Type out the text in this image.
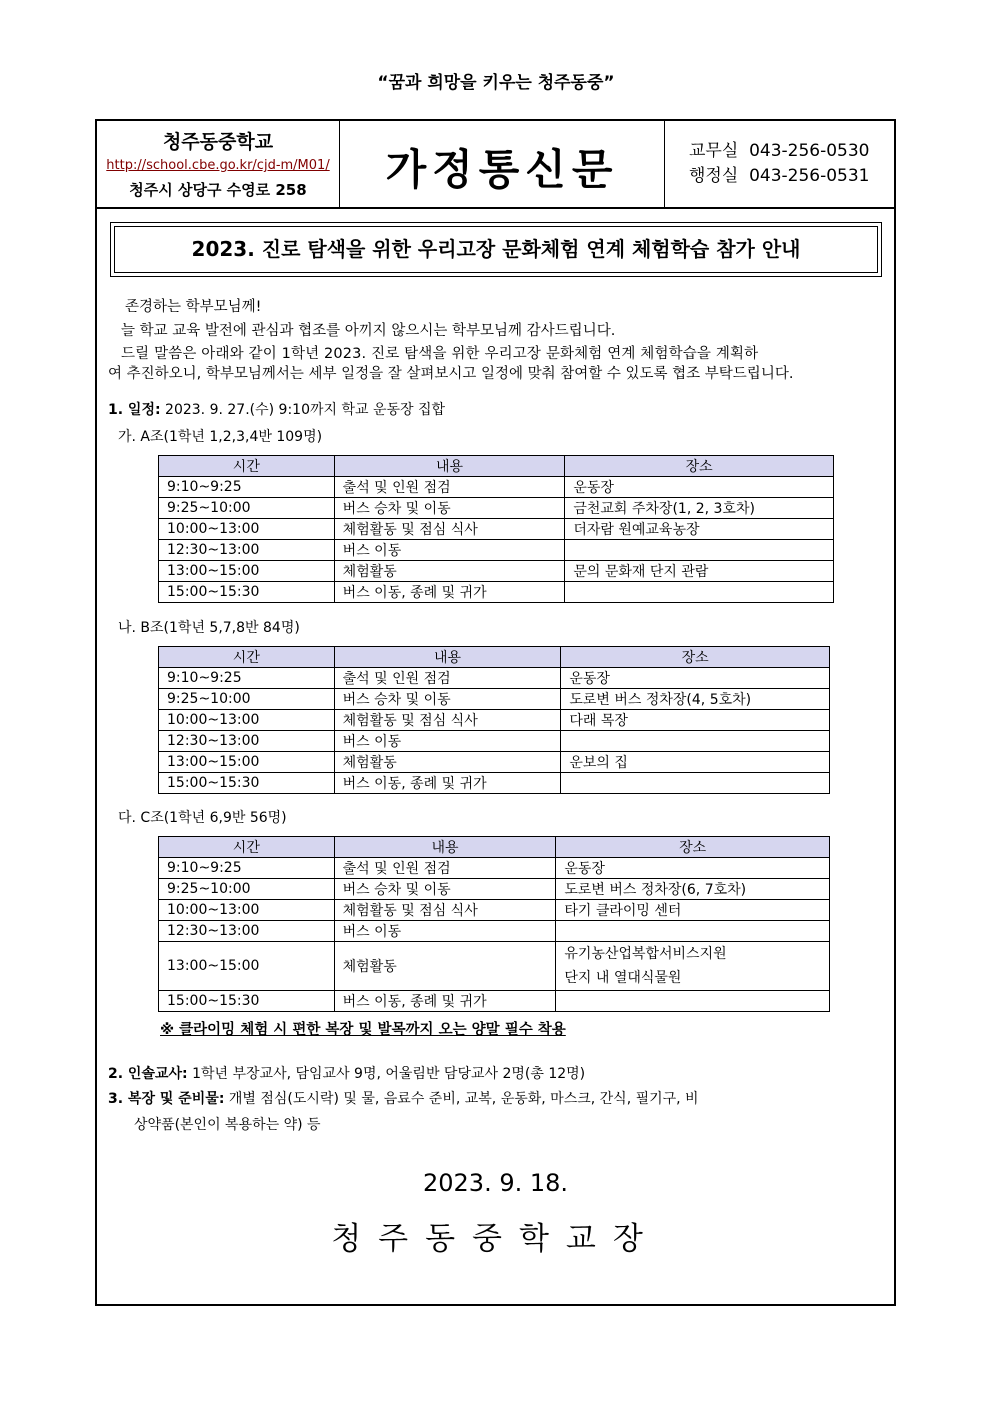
“꿈과 희망을 키우는 청주동중”
청주동중학교
http://school.cbe.go.kr/cjd-m/M01/
청주시 상당구 수영로 258	가정통신문	교무실  043-256-0530
행정실  043-256-0531
2023. 진로 탐색을 위한 우리고장 문화체험 연계 체험학습 참가 안내
존경하는 학부모님께!
늘 학교 교육 발전에 관심과 협조를 아끼지 않으시는 학부모님께 감사드립니다.
드릴 말씀은 아래와 같이 1학년 2023. 진로 탐색을 위한 우리고장 문화체험 연계 체험학습을 계획하
여 추진하오니, 학부모님께서는 세부 일정을 잘 살펴보시고 일정에 맞춰 참여할 수 있도록 협조 부탁드립니다.
1. 일정: 2023. 9. 27.(수) 9:10까지 학교 운동장 집합
가. A조(1학년 1,2,3,4반 109명)
시간	내용	장소
9:10~9:25	출석 및 인원 점검	운동장
9:25~10:00	버스 승차 및 이동	금천교회 주차장(1, 2, 3호차)
10:00~13:00	체험활동 및 점심 식사	더자람 원예교육농장
12:30~13:00	버스 이동	
13:00~15:00	체험활동	문의 문화재 단지 관람
15:00~15:30	버스 이동, 종례 및 귀가	
나. B조(1학년 5,7,8반 84명)
시간	내용	장소
9:10~9:25	출석 및 인원 점검	운동장
9:25~10:00	버스 승차 및 이동	도로변 버스 정차장(4, 5호차)
10:00~13:00	체험활동 및 점심 식사	다래 목장
12:30~13:00	버스 이동	
13:00~15:00	체험활동	운보의 집
15:00~15:30	버스 이동, 종례 및 귀가	
다. C조(1학년 6,9반 56명)
시간	내용	장소
9:10~9:25	출석 및 인원 점검	운동장
9:25~10:00	버스 승차 및 이동	도로변 버스 정차장(6, 7호차)
10:00~13:00	체험활동 및 점심 식사	타기 클라이밍 센터
12:30~13:00	버스 이동	
13:00~15:00	체험활동	유기농산업복합서비스지원
단지 내 열대식물원

15:00~15:30	버스 이동, 종례 및 귀가	
※ 클라이밍 체험 시 편한 복장 및 발목까지 오는 양말 필수 착용
2. 인솔교사: 1학년 부장교사, 담임교사 9명, 어울림반 담당교사 2명(총 12명)
3. 복장 및 준비물: 개별 점심(도시락) 및 물, 음료수 준비, 교복, 운동화, 마스크, 간식, 필기구, 비
상약품(본인이 복용하는 약) 등
2023. 9. 18.
청주동중학교장
